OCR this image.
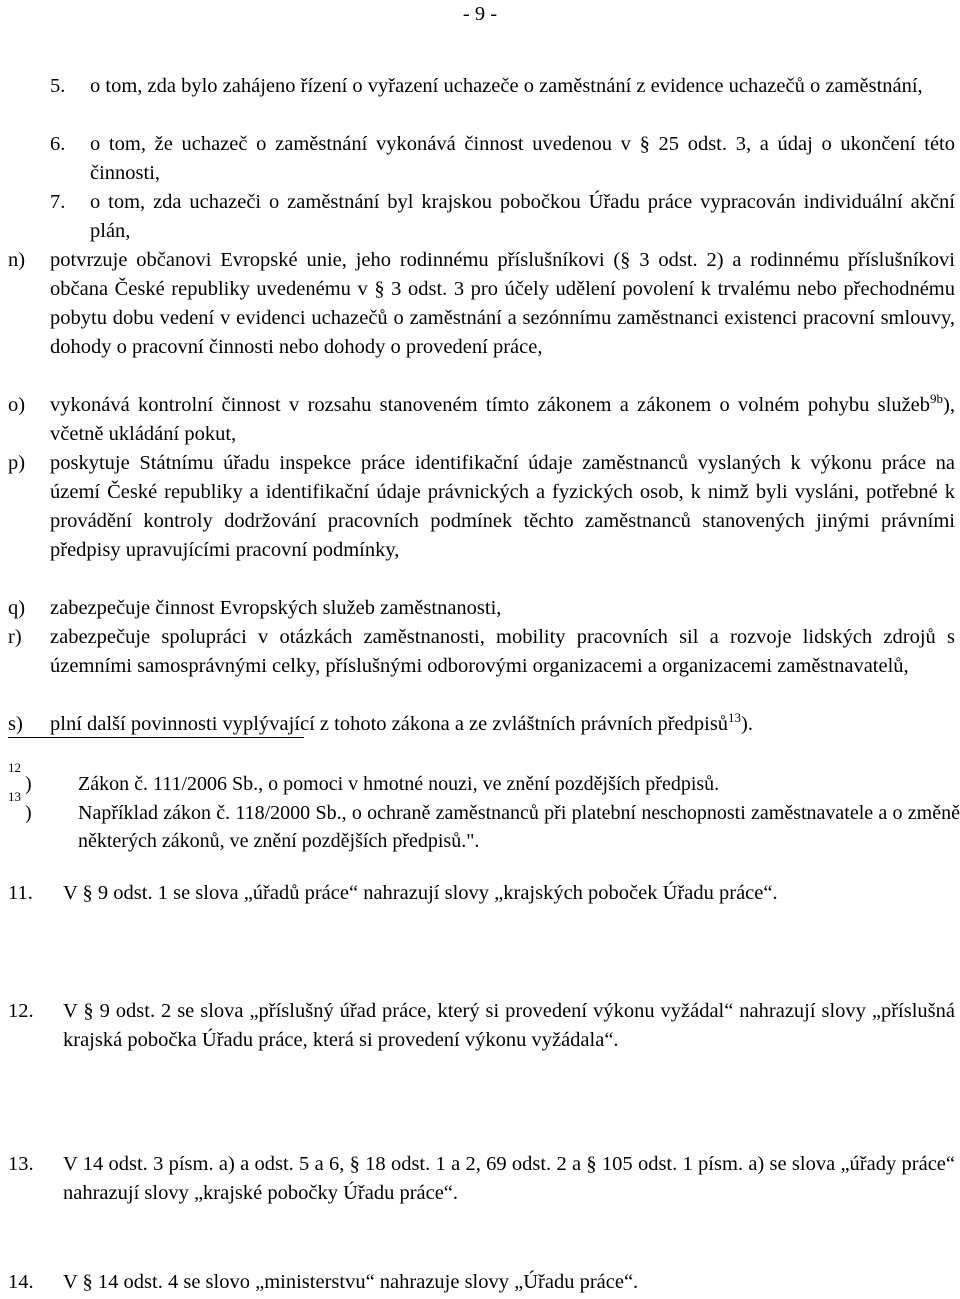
- 9 -
5.	o tom, zda bylo zahájeno řízení o vyřazení uchazeče o zaměstnání z evidence uchazečů o zaměstnání,
6.	o tom, že uchazeč o zaměstnání vykonává činnost uvedenou v § 25 odst. 3, a údaj o ukončení této činnosti,
7.	o tom, zda uchazeči o zaměstnání byl krajskou pobočkou Úřadu práce vypracován individuální akční plán,
n)	potvrzuje občanovi Evropské unie, jeho rodinnému příslušníkovi (§ 3 odst. 2) a rodinnému příslušníkovi občana České republiky uvedenému v § 3 odst. 3 pro účely udělení povolení k trvalému nebo přechodnému pobytu dobu vedení v evidenci uchazečů o zaměstnání a sezónnímu zaměstnanci existenci pracovní smlouvy, dohody o pracovní činnosti nebo dohody o provedení práce,
o)	vykonává kontrolní činnost v rozsahu stanoveném tímto zákonem a zákonem o volném pohybu služeb$^{9b}$), včetně ukládání pokut,
p)	poskytuje Státnímu úřadu inspekce práce identifikační údaje zaměstnanců vyslaných k výkonu práce na území České republiky a identifikační údaje právnických a fyzických osob, k nimž byli vysláni, potřebné k provádění kontroly dodržování pracovních podmínek těchto zaměstnanců stanovených jinými právními předpisy upravujícími pracovní podmínky,
q)	zabezpečuje činnost Evropských služeb zaměstnanosti,
r)	zabezpečuje spolupráci v otázkách zaměstnanosti, mobility pracovních sil a rozvoje lidských zdrojů s územními samosprávnými celky, příslušnými odborovými organizacemi a organizacemi zaměstnavatelů,
s)	plní další povinnosti vyplývající z tohoto zákona a ze zvláštních právních předpisů$^{13}$).
12
) Zákon č. 111/2006 Sb., o pomoci v hmotné nouzi, ve znění pozdějších předpisů.
13
) Například zákon č. 118/2000 Sb., o ochraně zaměstnanců při platební neschopnosti zaměstnavatele a o změně některých zákonů, ve znění pozdějších předpisů.".
11.	V § 9 odst. 1 se slova „úřadů práce“ nahrazují slovy „krajských poboček Úřadu práce“.
12.	V § 9 odst. 2 se slova „příslušný úřad práce, který si provedení výkonu vyžádal“ nahrazují slovy „příslušná krajská pobočka Úřadu práce, která si provedení výkonu vyžádala“.
13.	V 14 odst. 3 písm. a) a odst. 5 a 6, § 18 odst. 1 a 2, 69 odst. 2 a § 105 odst. 1 písm. a) se slova „úřady práce“ nahrazují slovy „krajské pobočky Úřadu práce“.
14.	V § 14 odst. 4 se slovo „ministerstvu“ nahrazuje slovy „Úřadu práce“.
